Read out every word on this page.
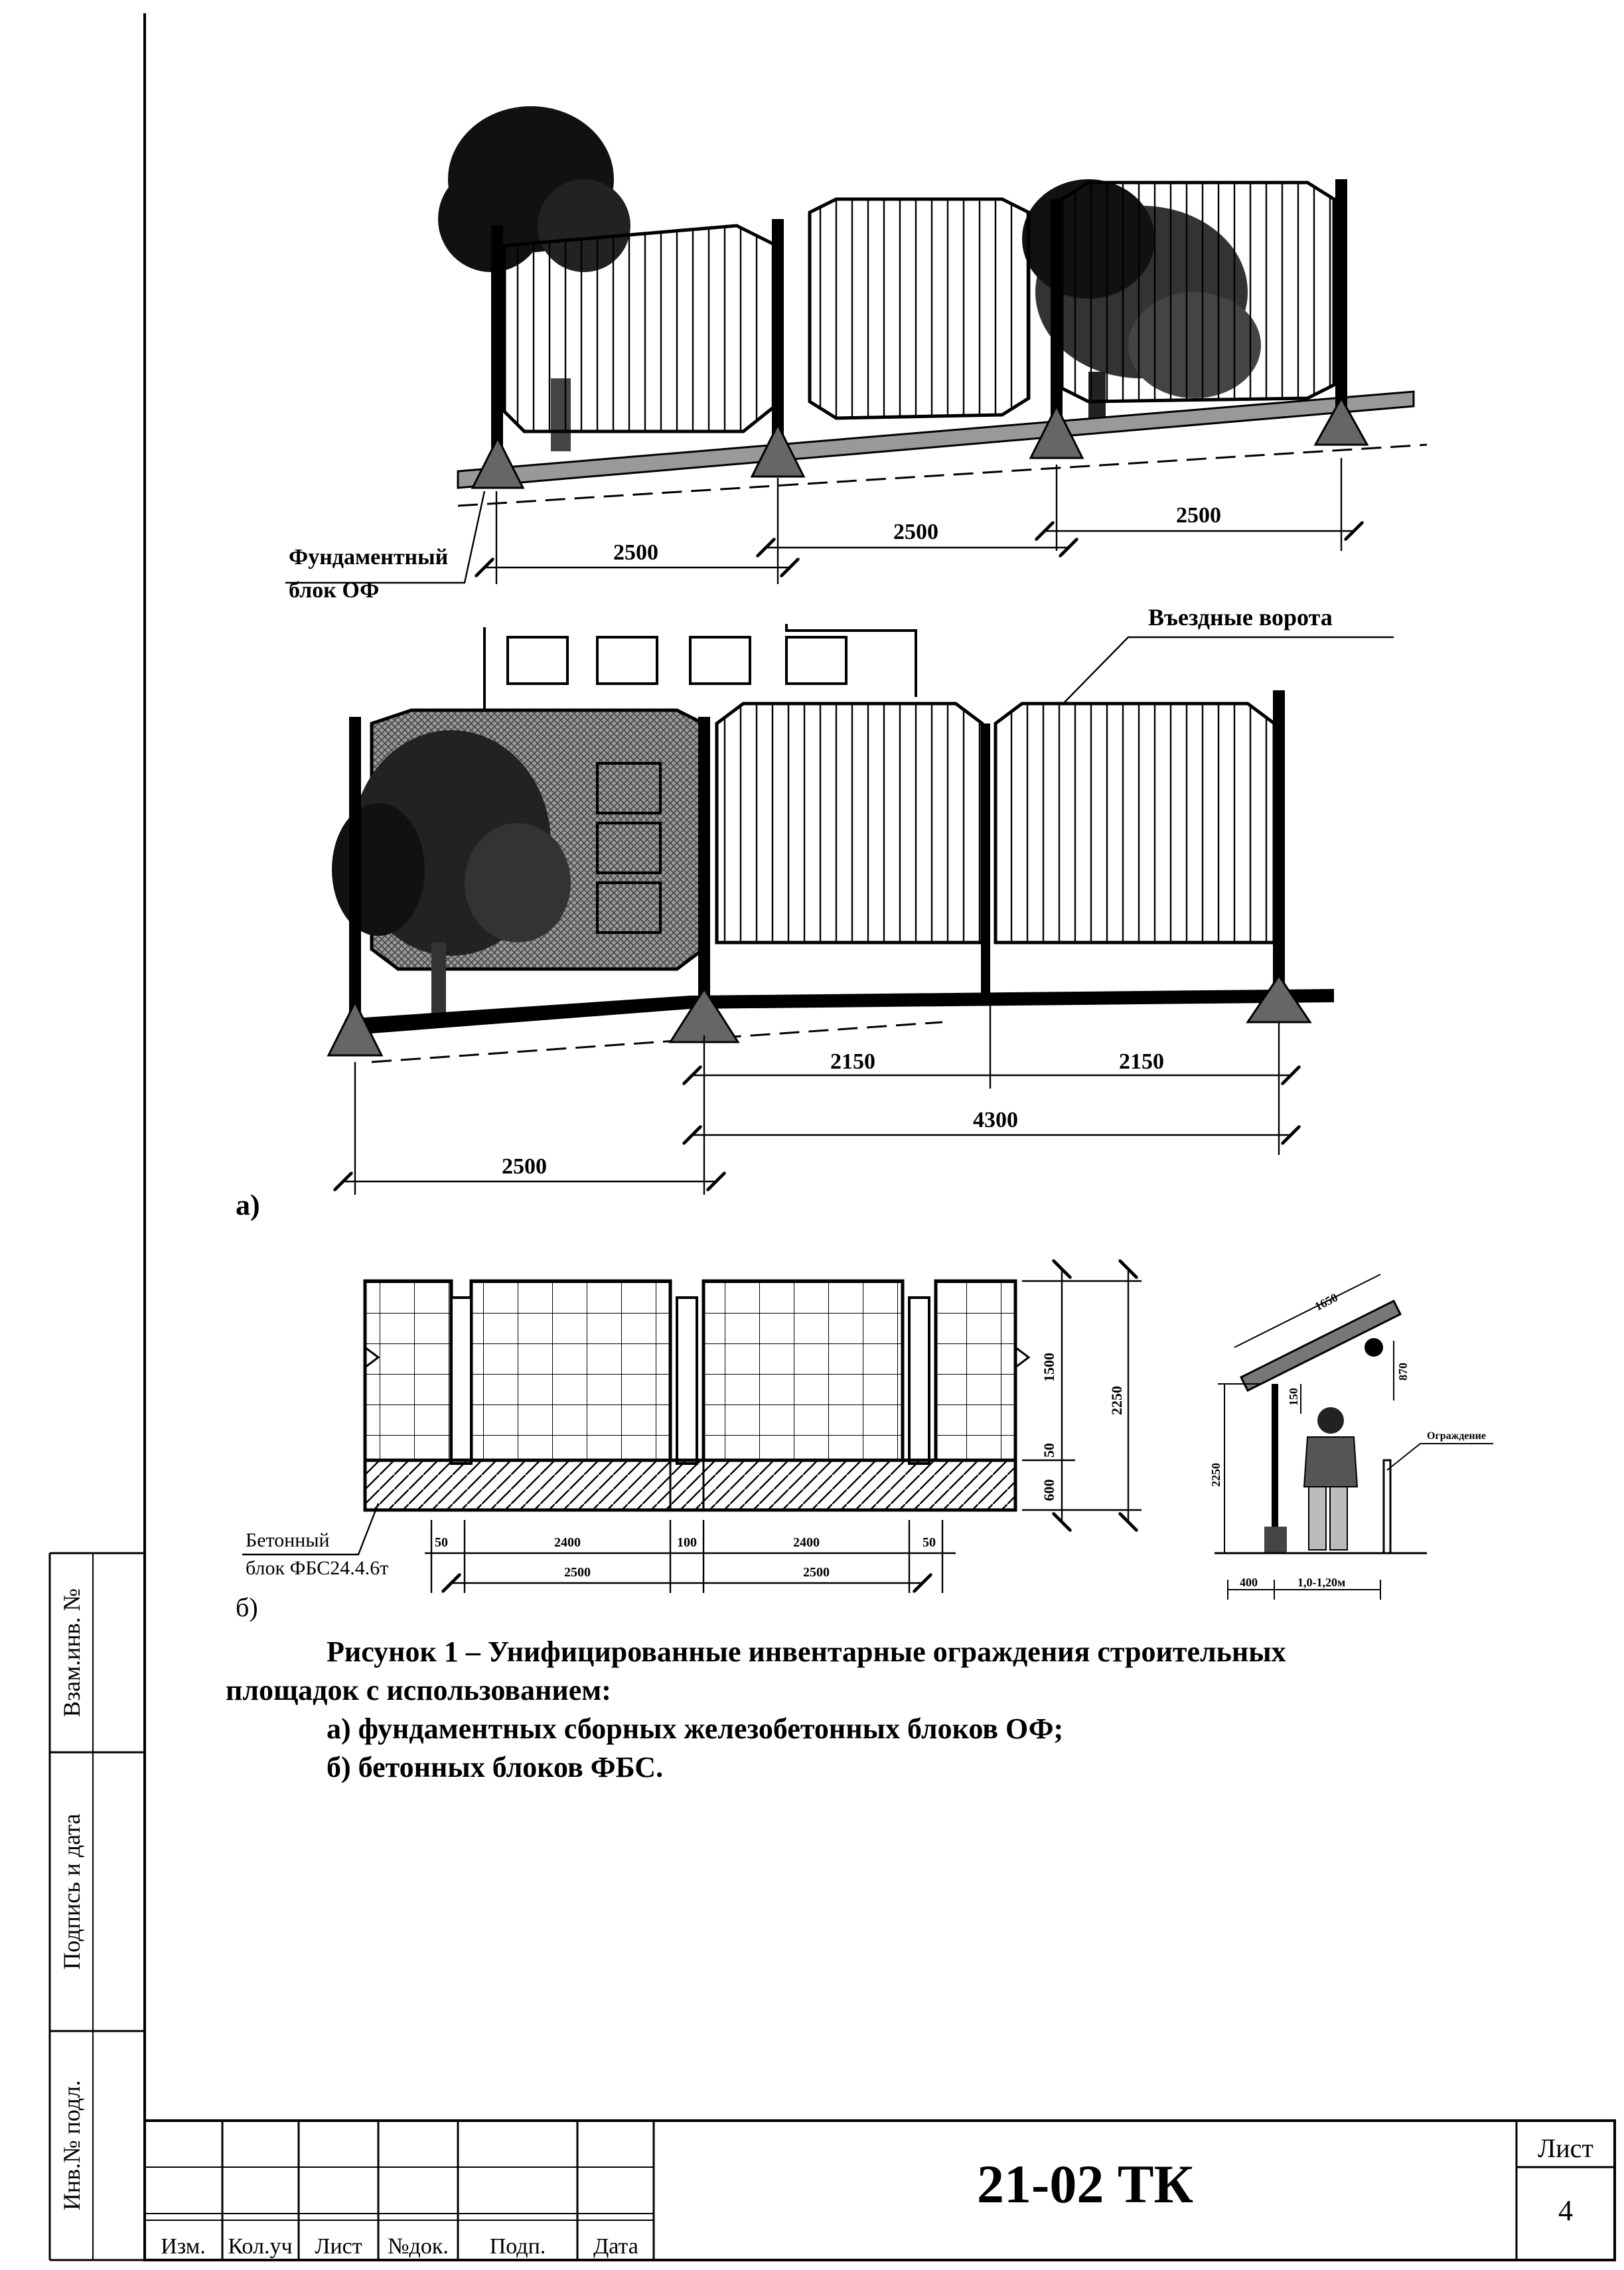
Взам.инв. №
Подпись и дата
Инв.№ подл.
2500
2500
2500
Фундаментный
блок ОФ
Въездные ворота
2150	2150
4300
2500
а)
1500
50
600
2250
50	2400	100	2400	50
2500	2500
Бетонный
блок ФБС24.4.6т
б)
1650
870
150
2250
400	1,0-1,20м
Ограждение
Изм. Кол.уч Лист №док. Подп. Дата
21-02 ТК
Лист
4
Рисунок 1 – Унифицированные инвентарные ограждения строительных
площадок с использованием:
а) фундаментных сборных железобетонных блоков ОФ;
б) бетонных блоков ФБС.
